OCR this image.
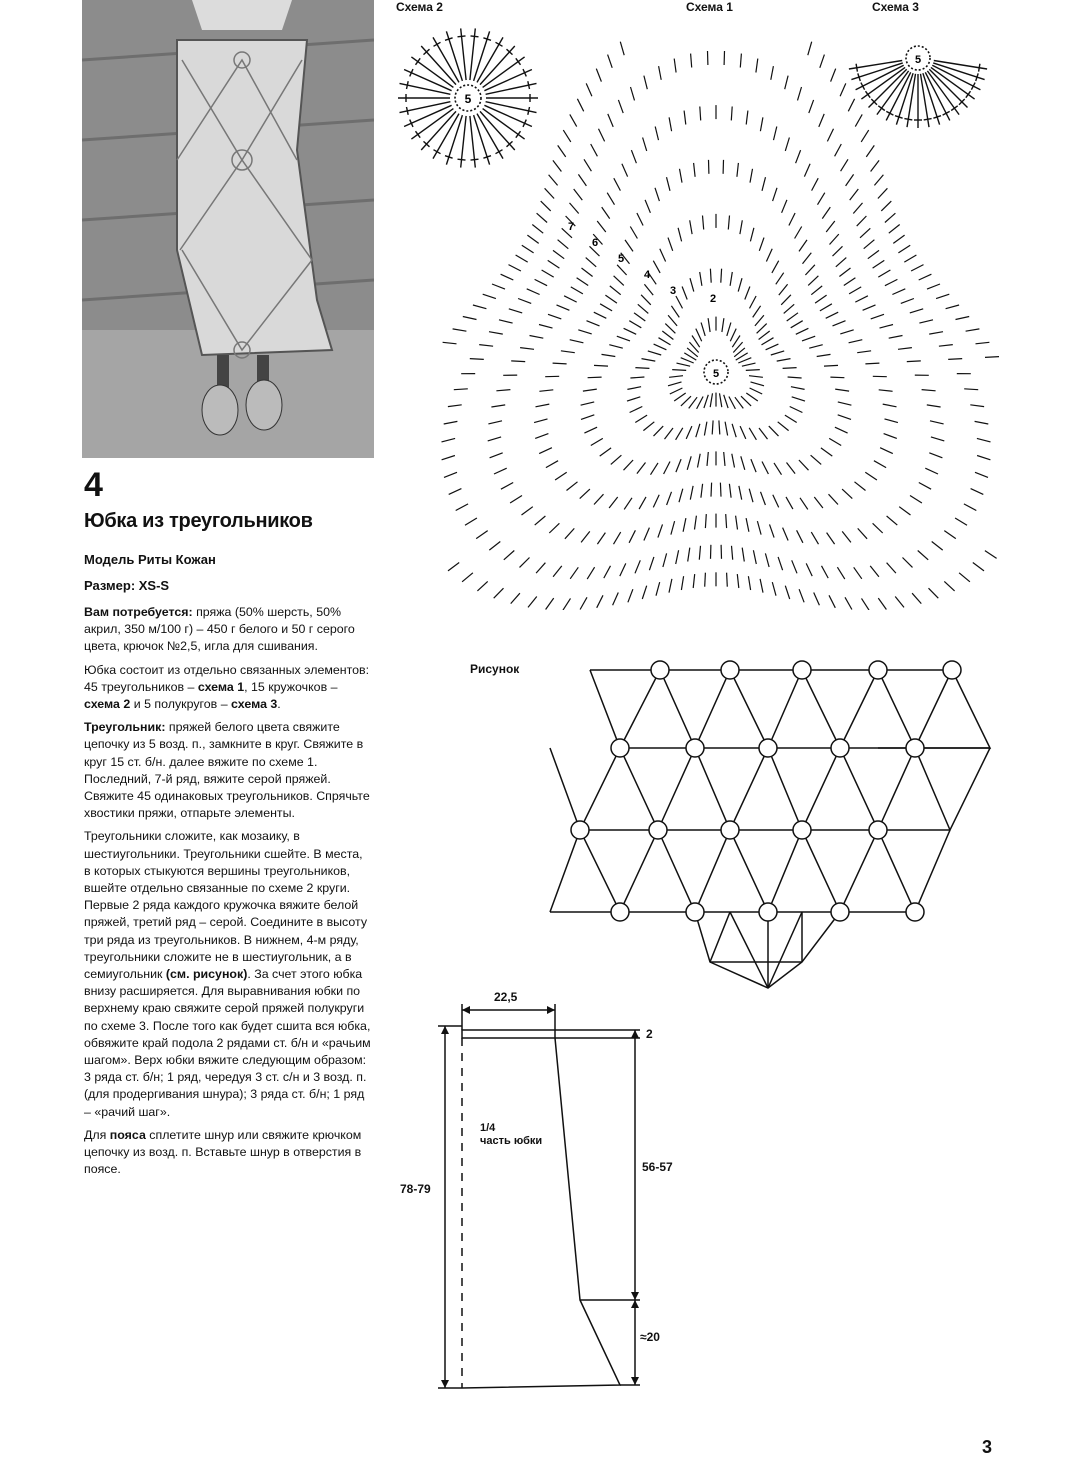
4
Юбка из треугольников
Модель Риты Кожан
Размер: XS-S

Вам потребуется: пряжа (50% шерсть, 50% акрил, 350 м/100 г) – 450 г белого и 50 г серого цвета, крючок №2,5, игла для сшивания.

Юбка состоит из отдельно связанных элементов: 45 треугольников – схема 1, 15 кружочков – схема 2 и 5 полукругов – схема 3.

Треугольник: пряжей белого цвета свяжите цепочку из 5 возд. п., замкните в круг. Свяжите в круг 15 ст. б/н. далее вяжите по схеме 1. Последний, 7-й ряд, вяжите серой пряжей. Свяжите 45 одинаковых треугольников. Спрячьте хвостики пряжи, отпарьте элементы.

Треугольники сложите, как мозаику, в шестиугольники. Треугольники сшейте. В места, в которых стыкуются вершины треугольников, вшейте отдельно связанные по схеме 2 круги. Первые 2 ряда каждого кружочка вяжите белой пряжей, третий ряд – серой. Соедините в высоту три ряда из треугольников. В нижнем, 4-м ряду, треугольники сложите не в шестиугольник, а в семиугольник (см. рисунок). За счет этого юбка внизу расширяется. Для выравнивания юбки по верхнему краю свяжите серой пряжей полукруги по схеме 3. После того как будет сшита вся юбка, обвяжите край подола 2 рядами ст. б/н и «рачьим шагом». Верх юбки вяжите следующим образом: 3 ряда ст. б/н; 1 ряд, чередуя 3 ст. с/н и 3 возд. п. (для продергивания шнура); 3 ряда ст. б/н; 1 ряд – «рачий шаг».

Для пояса сплетите шнур или свяжите крючком цепочку из возд. п. Вставьте шнур в отверстия в поясе.

Схема 2	Схема 1	Схема 3
Рисунок
5
5
5
7
6
5
4
3
2
22,5
2
1/4
часть юбки
78-79
56-57
≈20
3
